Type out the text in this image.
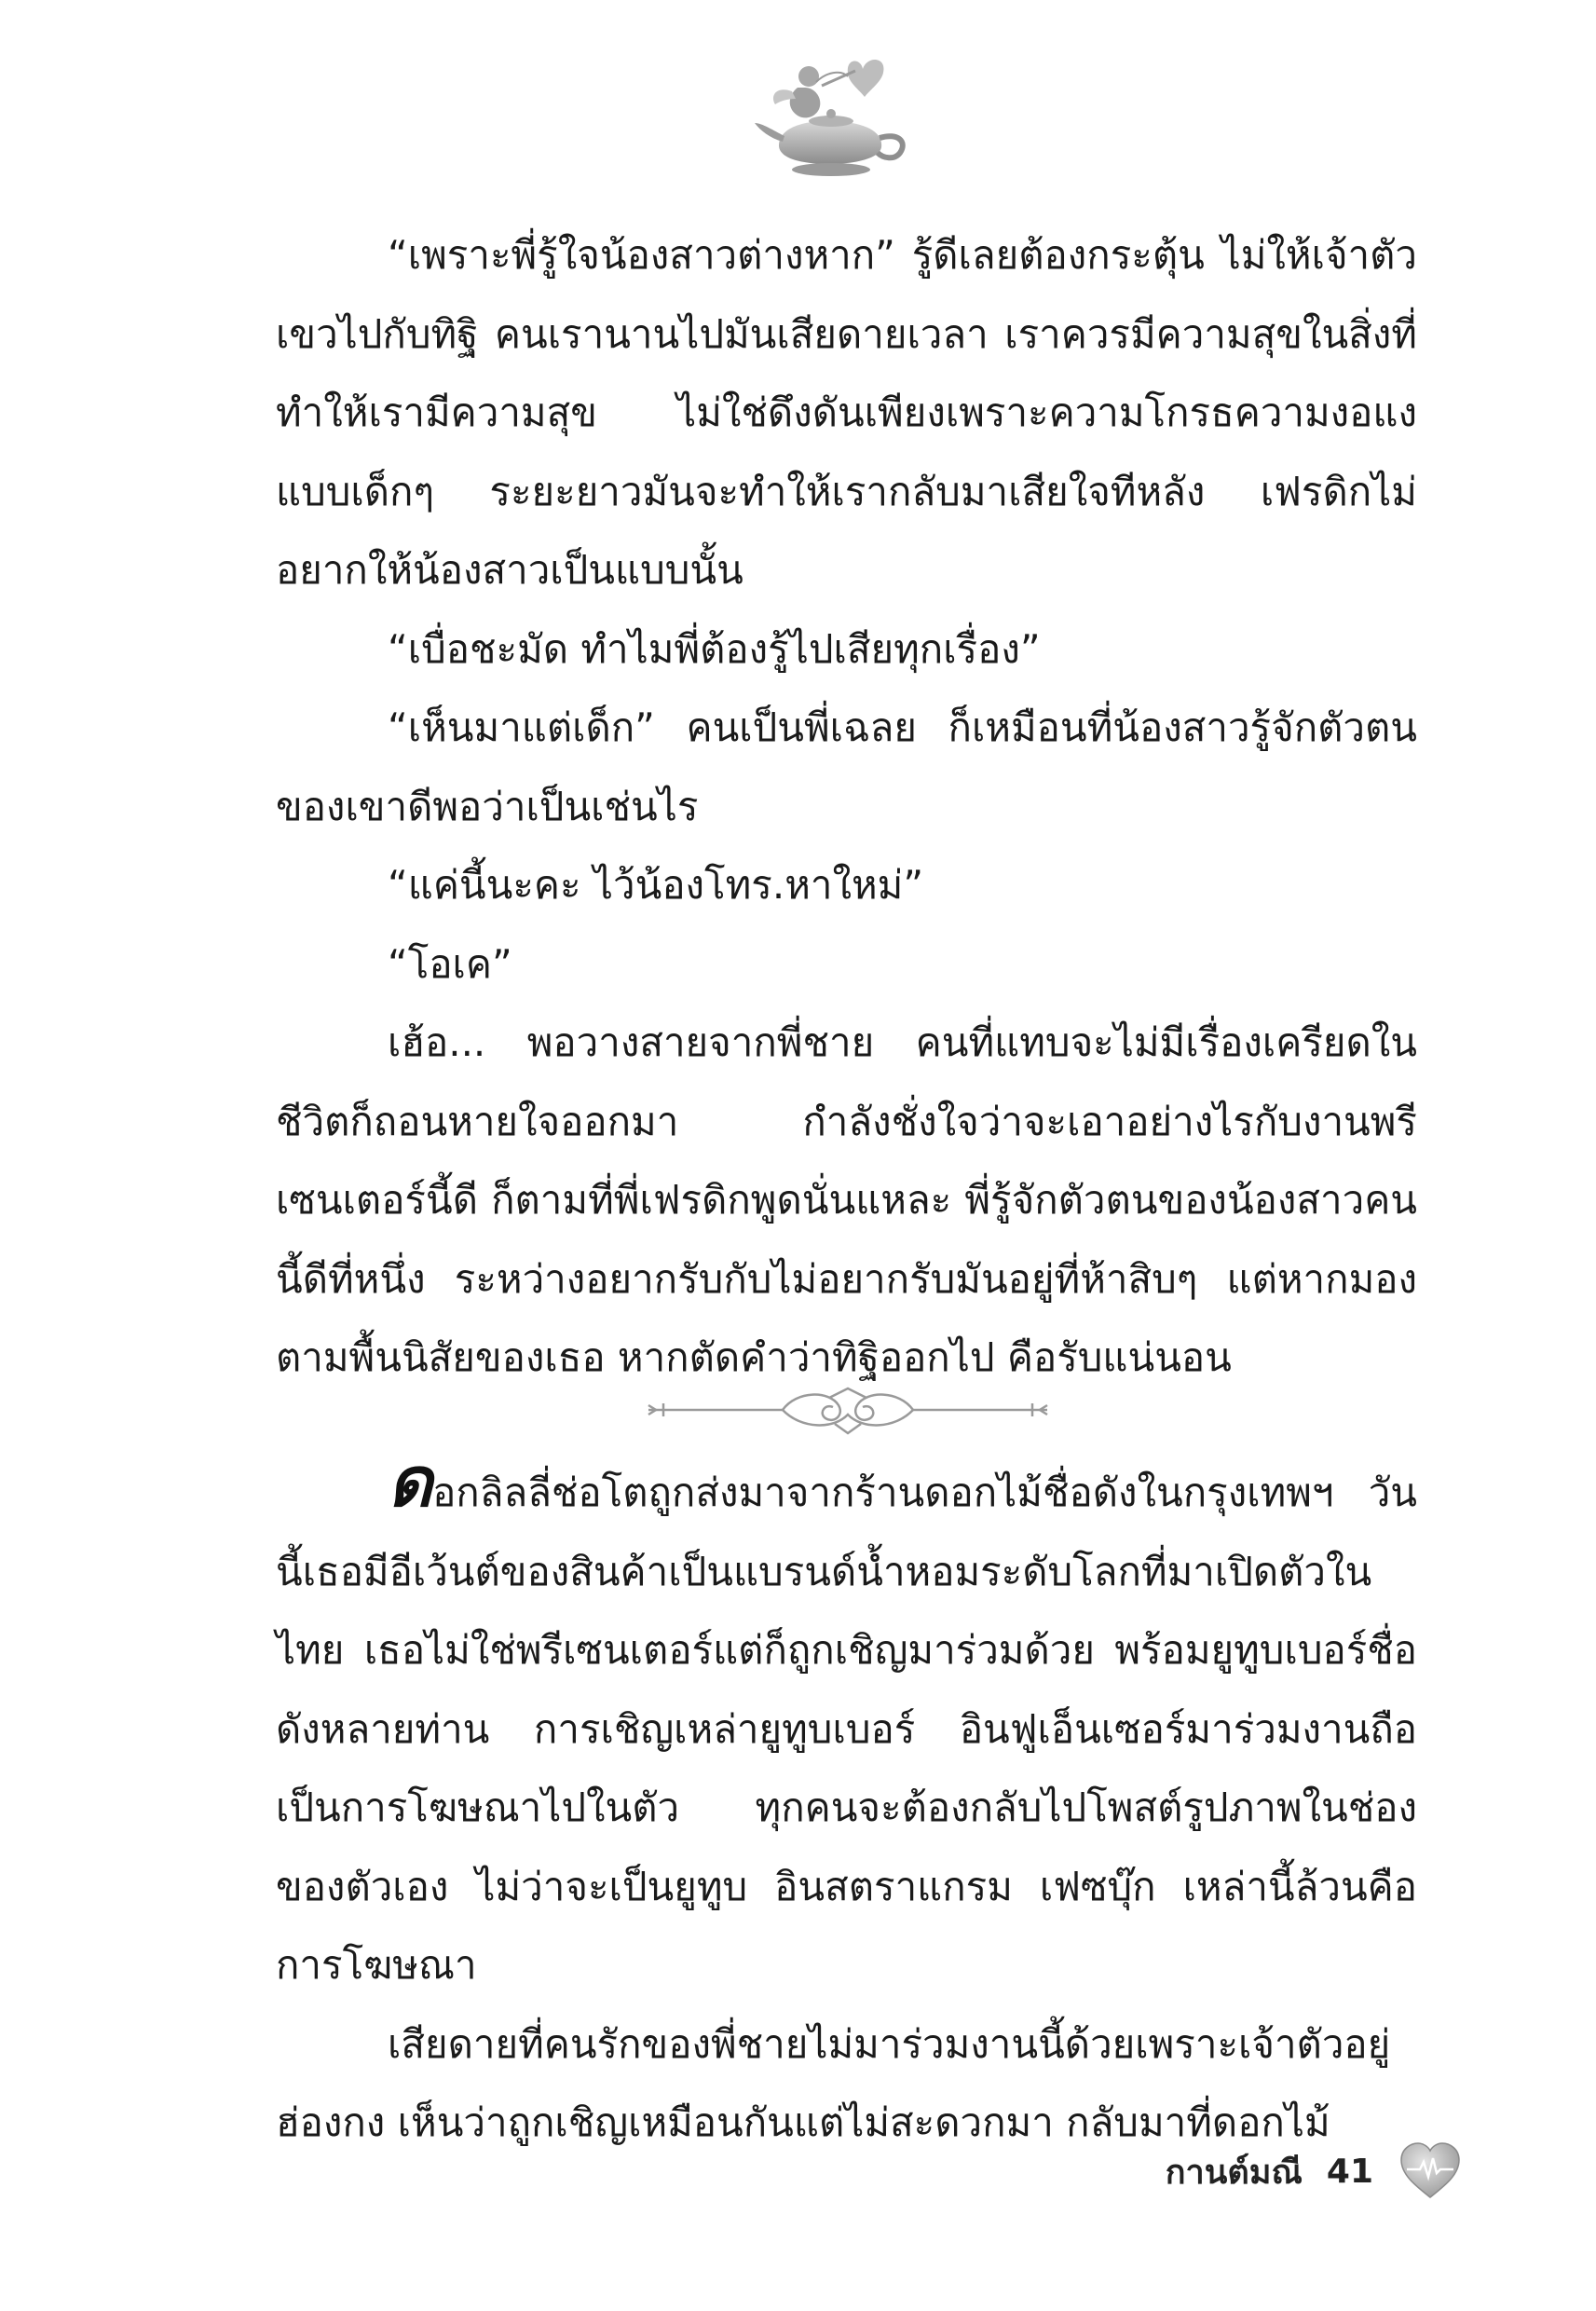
“เพราะพี่รู้ใจน้องสาวต่างหาก” รู้ดีเลยต้องกระตุ้น ไม่ให้เจ้าตัวเขวไปกับทิฐิ คนเรานานไปมันเสียดายเวลา เราควรมีความสุขในสิ่งที่ทำให้เรามีความสุข ไม่ใช่ดึงดันเพียงเพราะความโกรธความงอแงแบบเด็กๆ ระยะยาวมันจะทำให้เรากลับมาเสียใจทีหลัง เฟรดิกไม่อยากให้น้องสาวเป็นแบบนั้น

“เบื่อชะมัด ทำไมพี่ต้องรู้ไปเสียทุกเรื่อง”

“เห็นมาแต่เด็ก” คนเป็นพี่เฉลย ก็เหมือนที่น้องสาวรู้จักตัวตนของเขาดีพอว่าเป็นเช่นไร

“แค่นี้นะคะ ไว้น้องโทร.หาใหม่”

“โอเค”

เฮ้อ... พอวางสายจากพี่ชาย คนที่แทบจะไม่มีเรื่องเครียดในชีวิตก็ถอนหายใจออกมา กำลังชั่งใจว่าจะเอาอย่างไรกับงานพรีเซนเตอร์นี้ดี ก็ตามที่พี่เฟรดิกพูดนั่นแหละ พี่รู้จักตัวตนของน้องสาวคนนี้ดีที่หนึ่ง ระหว่างอยากรับกับไม่อยากรับมันอยู่ที่ห้าสิบๆ แต่หากมองตามพื้นนิสัยของเธอ หากตัดคำว่าทิฐิออกไป คือรับแน่นอน

ดอกลิลลี่ช่อโตถูกส่งมาจากร้านดอกไม้ชื่อดังในกรุงเทพฯ วันนี้เธอมีอีเว้นต์ของสินค้าเป็นแบรนด์น้ำหอมระดับโลกที่มาเปิดตัวในไทย เธอไม่ใช่พรีเซนเตอร์แต่ก็ถูกเชิญมาร่วมด้วย พร้อมยูทูบเบอร์ชื่อดังหลายท่าน การเชิญเหล่ายูทูบเบอร์ อินฟูเอ็นเซอร์มาร่วมงานถือเป็นการโฆษณาไปในตัว ทุกคนจะต้องกลับไปโพสต์รูปภาพในช่องของตัวเอง ไม่ว่าจะเป็นยูทูบ อินสตราแกรม เฟซบุ๊ก เหล่านี้ล้วนคือการโฆษณา

เสียดายที่คนรักของพี่ชายไม่มาร่วมงานนี้ด้วยเพราะเจ้าตัวอยู่ฮ่องกง เห็นว่าถูกเชิญเหมือนกันแต่ไม่สะดวกมา กลับมาที่ดอกไม้

กานต์มณี 41
